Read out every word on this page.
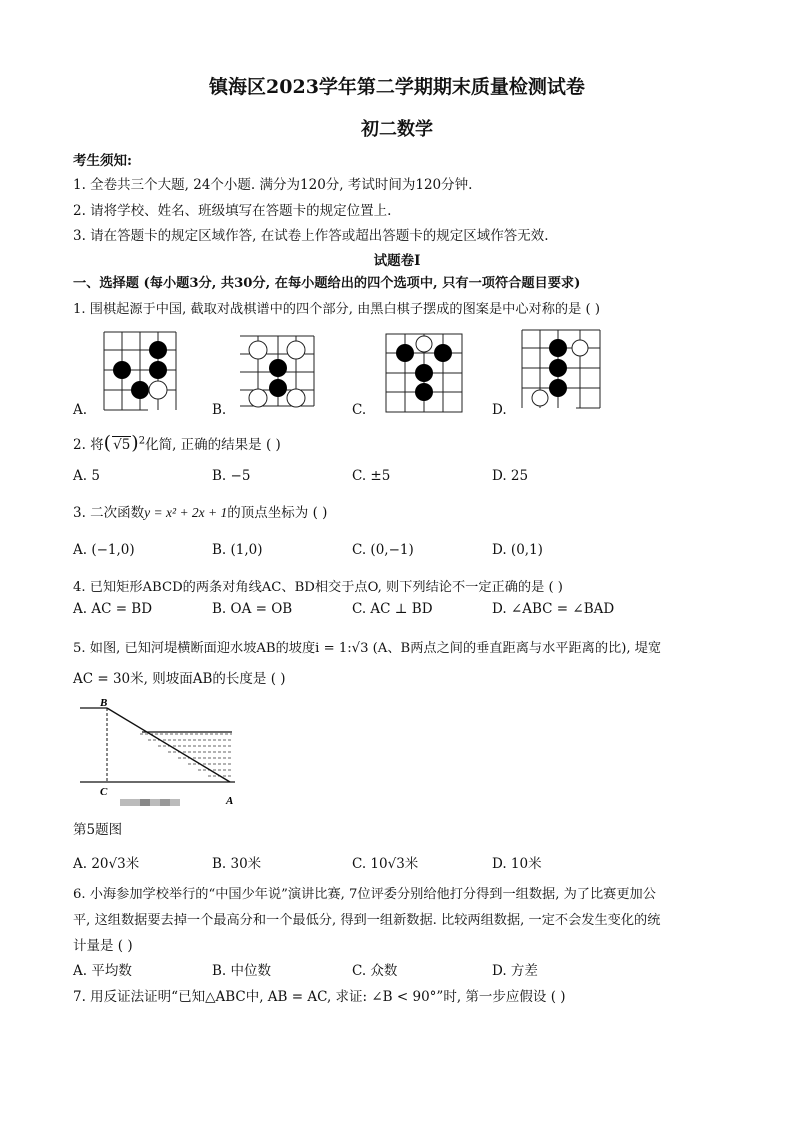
镇海区2023学年第二学期期末质量检测试卷
初二数学
考生须知:
1. 全卷共三个大题, 24个小题. 满分为120分, 考试时间为120分钟.
2. 请将学校、姓名、班级填写在答题卡的规定位置上.
3. 请在答题卡的规定区域作答, 在试卷上作答或超出答题卡的规定区域作答无效.
试题卷Ⅰ
一、选择题 (每小题3分, 共30分, 在每小题给出的四个选项中, 只有一项符合题目要求)
1. 围棋起源于中国, 截取对战棋谱中的四个部分, 由黑白棋子摆成的图案是中心对称的是 ( )
A.	B.	C.	D.
2. 将( √5)$^2$化简, 正确的结果是 ( )
A. 5	B. −5	C. ±5	D. 25
3. 二次函数y = x² + 2x + 1的顶点坐标为 ( )
A. (−1,0)	B. (1,0)	C. (0,−1)	D. (0,1)
4. 已知矩形ABCD的两条对角线AC、BD相交于点O, 则下列结论不一定正确的是 ( )
A. AC = BD	B. OA = OB	C. AC ⊥ BD	D. ∠ABC = ∠BAD
5. 如图, 已知河堤横断面迎水坡AB的坡度i = 1:√3 (A、B两点之间的垂直距离与水平距离的比), 堤宽
AC = 30米, 则坡面AB的长度是 ( )
B
C
A
第5题图
A. 20√3米	B. 30米	C. 10√3米	D. 10米
6. 小海参加学校举行的“中国少年说”演讲比赛, 7位评委分别给他打分得到一组数据, 为了比赛更加公
平, 这组数据要去掉一个最高分和一个最低分, 得到一组新数据. 比较两组数据, 一定不会发生变化的统
计量是 ( )
A. 平均数	B. 中位数	C. 众数	D. 方差
7. 用反证法证明“已知△ABC中, AB = AC, 求证: ∠B < 90°”时, 第一步应假设 ( )
